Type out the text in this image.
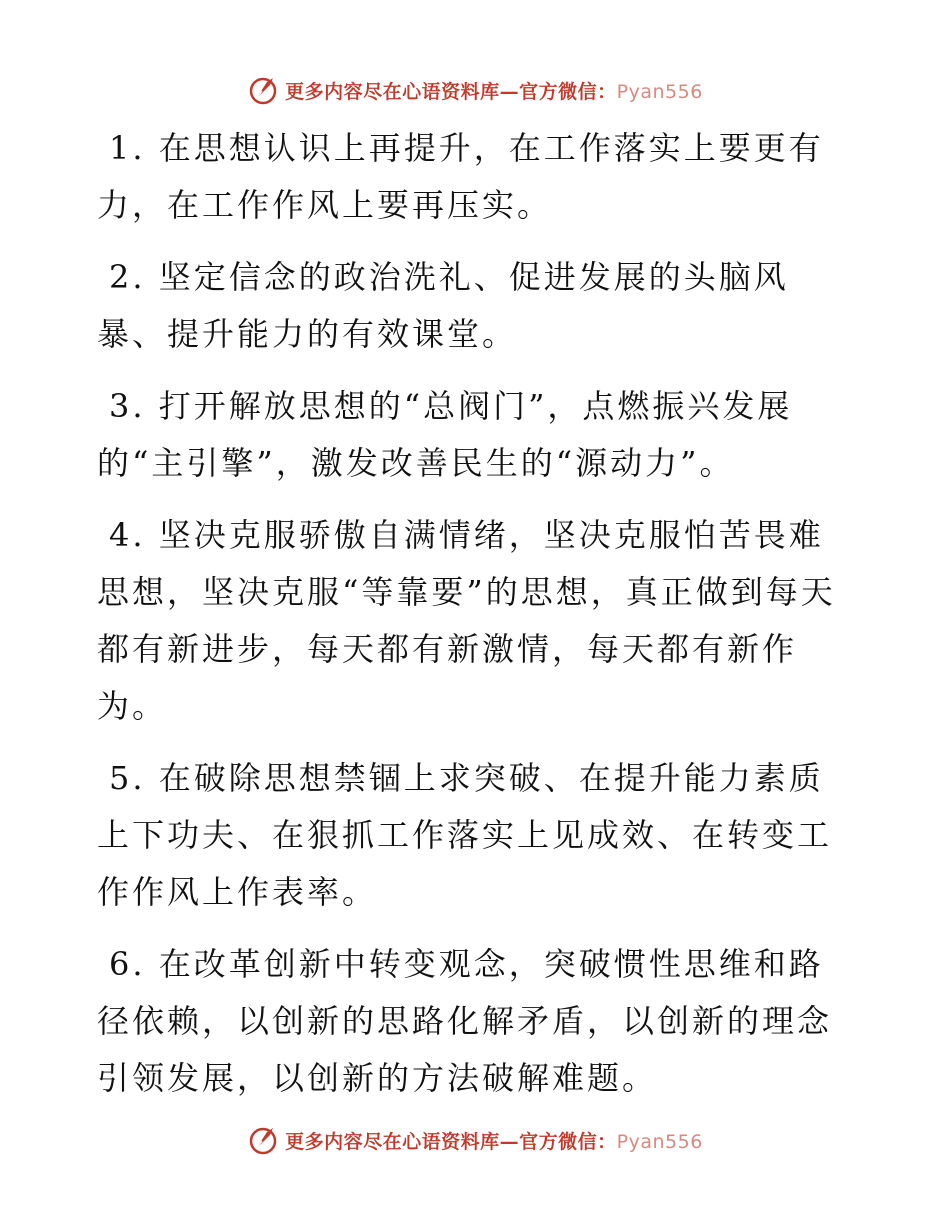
更多内容尽在心语资料库—官方微信：Pyan556

1. 在思想认识上再提升，在工作落实上要更有力，在工作作风上要再压实。

2. 坚定信念的政治洗礼、促进发展的头脑风暴、提升能力的有效课堂。

3. 打开解放思想的“总阀门”，点燃振兴发展的“主引擎”，激发改善民生的“源动力”。

4. 坚决克服骄傲自满情绪，坚决克服怕苦畏难思想，坚决克服“等靠要”的思想，真正做到每天都有新进步，每天都有新激情，每天都有新作为。

5. 在破除思想禁锢上求突破、在提升能力素质上下功夫、在狠抓工作落实上见成效、在转变工作作风上作表率。

6. 在改革创新中转变观念，突破惯性思维和路径依赖，以创新的思路化解矛盾，以创新的理念引领发展，以创新的方法破解难题。

更多内容尽在心语资料库—官方微信：Pyan556
